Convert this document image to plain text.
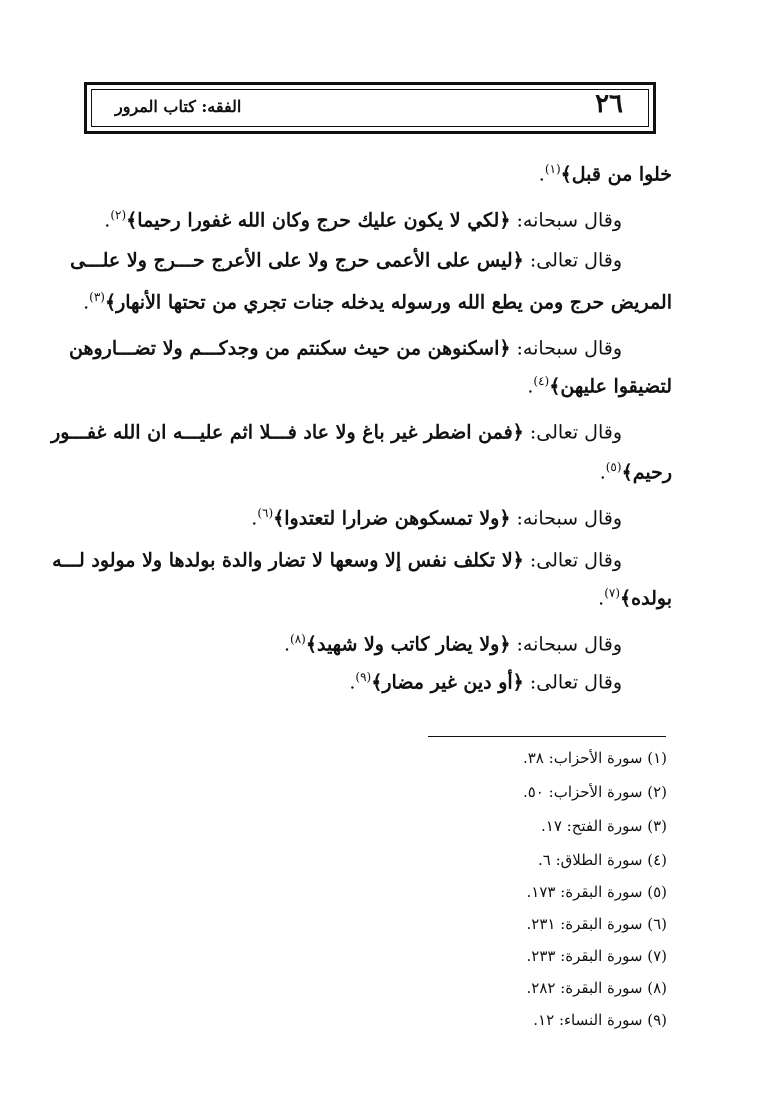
٢٦
الفقه: كتاب المرور
خلوا من قبل﴾$^{(١)}$.
وقال سبحانه: ﴿لكي لا يكون عليك حرج وكان الله غفورا رحيما﴾$^{(٢)}$.
وقال تعالى: ﴿ليس على الأعمى حرج ولا على الأعرج حـــرج ولا علـــى
المريض حرج ومن يطع الله ورسوله يدخله جنات تجري من تحتها الأنهار﴾$^{(٣)}$.
وقال سبحانه: ﴿اسكنوهن من حيث سكنتم من وجدكـــم ولا تضـــاروهن
لتضيقوا عليهن﴾$^{(٤)}$.
وقال تعالى: ﴿فمن اضطر غير باغ ولا عاد فـــلا اثم عليـــه ان الله غفـــور
رحيم﴾$^{(٥)}$.
وقال سبحانه: ﴿ولا تمسكوهن ضرارا لتعتدوا﴾$^{(٦)}$.
وقال تعالى: ﴿لا تكلف نفس إلا وسعها لا تضار والدة بولدها ولا مولود لـــه
بولده﴾$^{(٧)}$.
وقال سبحانه: ﴿ولا يضار كاتب ولا شهيد﴾$^{(٨)}$.
وقال تعالى: ﴿أو دين غير مضار﴾$^{(٩)}$.
(١) سورة الأحزاب: ٣٨.
(٢) سورة الأحزاب: ٥٠.
(٣) سورة الفتح: ١٧.
(٤) سورة الطلاق: ٦.
(٥) سورة البقرة: ١٧٣.
(٦) سورة البقرة: ٢٣١.
(٧) سورة البقرة: ٢٣٣.
(٨) سورة البقرة: ٢٨٢.
(٩) سورة النساء: ١٢.
